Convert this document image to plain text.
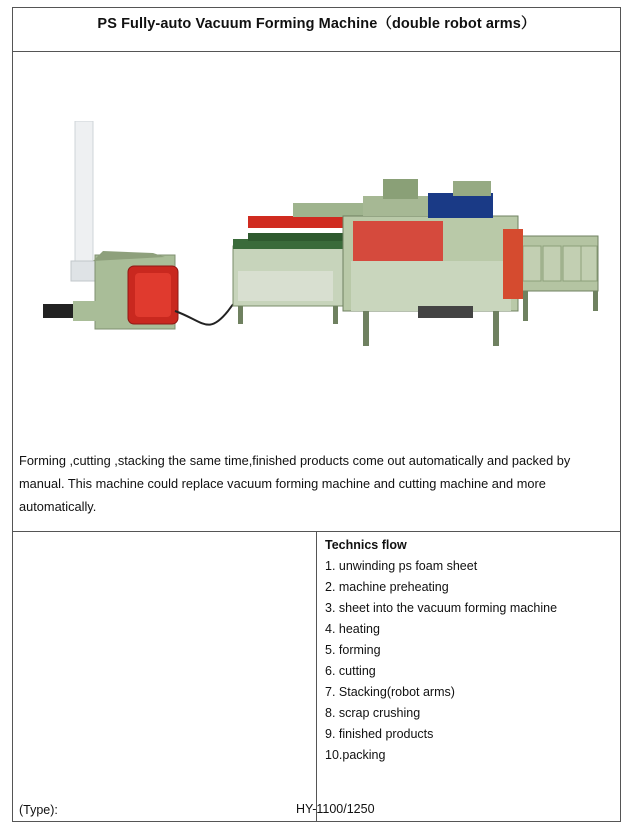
PS Fully-auto Vacuum Forming Machine（double robot arms）
Forming ,cutting ,stacking the same time,finished products come out automatically and packed by manual. This machine could replace vacuum forming machine and cutting machine and more automatically.
Technics flow
1. unwinding ps foam sheet
2. machine preheating
3. sheet into the vacuum forming machine
4. heating
5. forming
6. cutting
7. Stacking(robot arms)
8. scrap crushing
9. finished products
10.packing
(Type):	HY-1100/1250
